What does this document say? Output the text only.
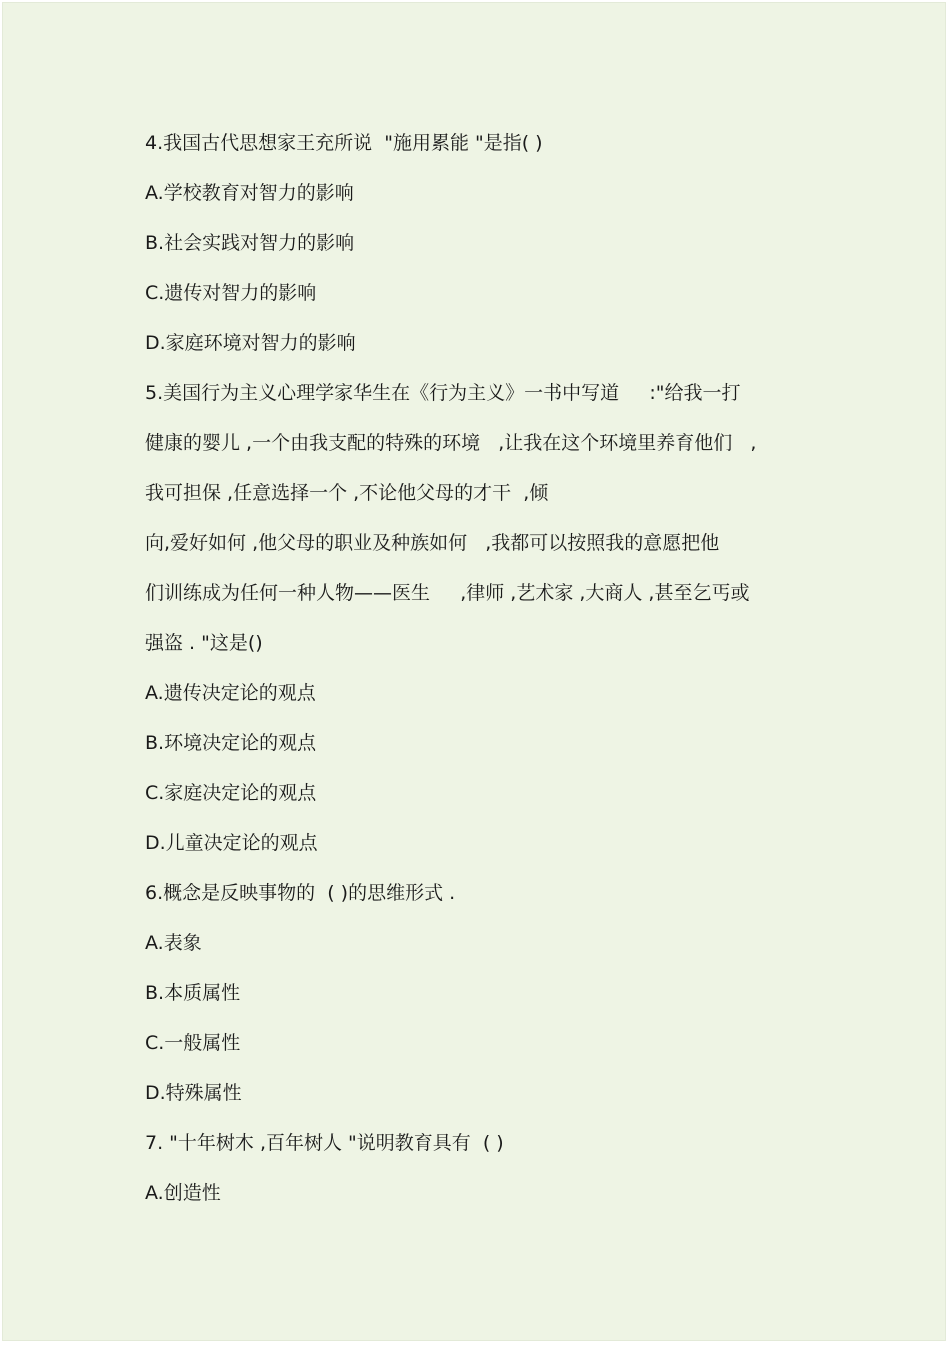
4.我国古代思想家王充所说  "施用累能 "是指( )
A.学校教育对智力的影响
B.社会实践对智力的影响
C.遗传对智力的影响
D.家庭环境对智力的影响
5.美国行为主义心理学家华生在《行为主义》一书中写道     :"给我一打
健康的婴儿 ,一个由我支配的特殊的环境   ,让我在这个环境里养育他们   ,
我可担保 ,任意选择一个 ,不论他父母的才干  ,倾
向,爱好如何 ,他父母的职业及种族如何   ,我都可以按照我的意愿把他
们训练成为任何一种人物——医生     ,律师 ,艺术家 ,大商人 ,甚至乞丐或
强盗 . "这是()
A.遗传决定论的观点
B.环境决定论的观点
C.家庭决定论的观点
D.儿童决定论的观点
6.概念是反映事物的  ( )的思维形式 .
A.表象
B.本质属性
C.一般属性
D.特殊属性
7. "十年树木 ,百年树人 "说明教育具有  ( )
A.创造性
